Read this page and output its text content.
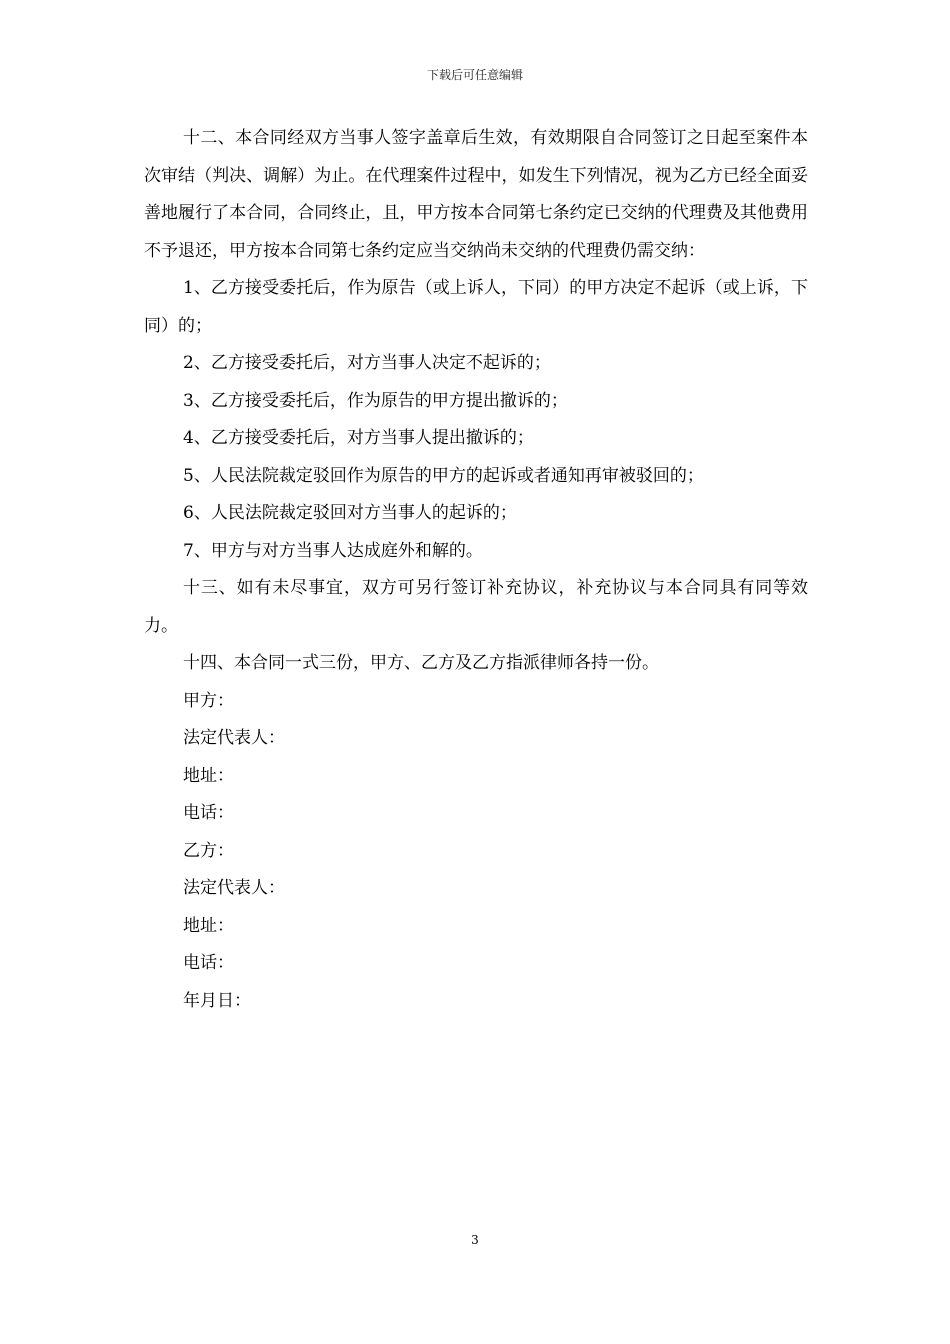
下载后可任意编辑

十二、本合同经双方当事人签字盖章后生效，有效期限自合同签订之日起至案件本次审结（判决、调解）为止。在代理案件过程中，如发生下列情况，视为乙方已经全面妥善地履行了本合同，合同终止，且，甲方按本合同第七条约定已交纳的代理费及其他费用不予退还，甲方按本合同第七条约定应当交纳尚未交纳的代理费仍需交纳：

1、乙方接受委托后，作为原告（或上诉人，下同）的甲方决定不起诉（或上诉，下同）的；

2、乙方接受委托后，对方当事人决定不起诉的；

3、乙方接受委托后，作为原告的甲方提出撤诉的；

4、乙方接受委托后，对方当事人提出撤诉的；

5、人民法院裁定驳回作为原告的甲方的起诉或者通知再审被驳回的；

6、人民法院裁定驳回对方当事人的起诉的；

7、甲方与对方当事人达成庭外和解的。

十三、如有未尽事宜，双方可另行签订补充协议，补充协议与本合同具有同等效力。

十四、本合同一式三份，甲方、乙方及乙方指派律师各持一份。

甲方：

法定代表人：

地址：

电话：

乙方：

法定代表人：

地址：

电话：

年月日：

3
